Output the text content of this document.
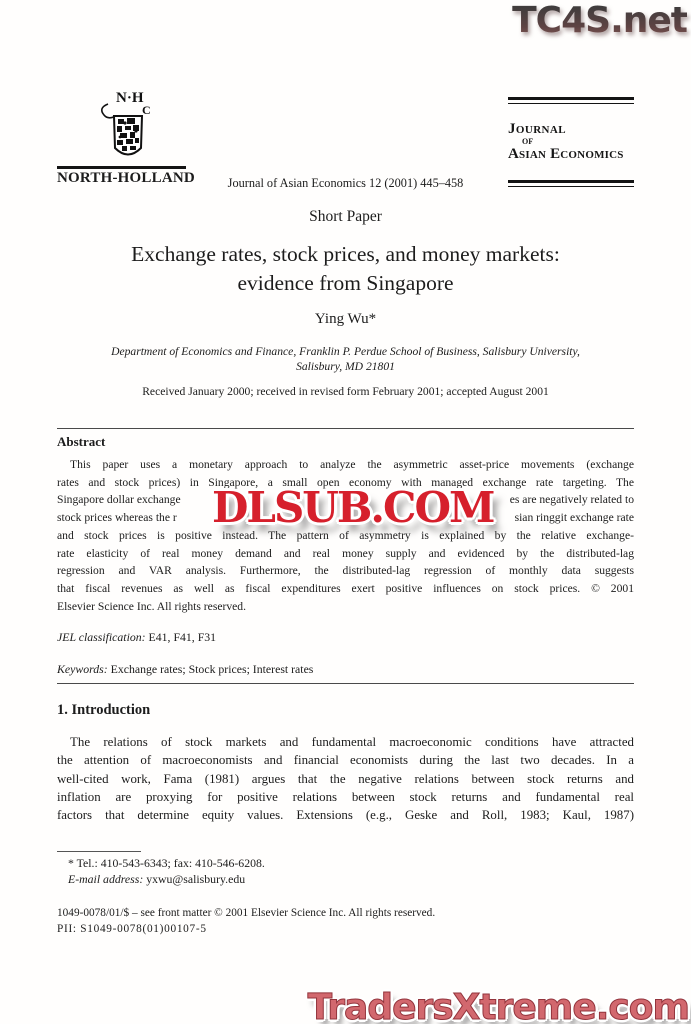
TC4S.net
N·H
C
NORTH-HOLLAND
Journal
of
Asian Economics
Journal of Asian Economics 12 (2001) 445–458
Short Paper
Exchange rates, stock prices, and money markets:
evidence from Singapore
Ying Wu*
Department of Economics and Finance, Franklin P. Perdue School of Business, Salisbury University,
Salisbury, MD 21801
Received January 2000; received in revised form February 2001; accepted August 2001
Abstract
This paper uses a monetary approach to analyze the asymmetric asset-price movements (exchange
rates and stock prices) in Singapore, a small open economy with managed exchange rate targeting. The
Singapore dollar exchange	es are negatively related to
stock prices whereas the r	sian ringgit exchange rate
and stock prices is positive instead. The pattern of asymmetry is explained by the relative exchange-
rate elasticity of real money demand and real money supply and evidenced by the distributed-lag
regression and VAR analysis. Furthermore, the distributed-lag regression of monthly data suggests
that fiscal revenues as well as fiscal expenditures exert positive influences on stock prices. © 2001
Elsevier Science Inc. All rights reserved.
DLSUB.COM
JEL classification: E41, F41, F31
Keywords: Exchange rates; Stock prices; Interest rates
1. Introduction
The relations of stock markets and fundamental macroeconomic conditions have attracted
the attention of macroeconomists and financial economists during the last two decades. In a
well-cited work, Fama (1981) argues that the negative relations between stock returns and
inflation are proxying for positive relations between stock returns and fundamental real
factors that determine equity values. Extensions (e.g., Geske and Roll, 1983; Kaul, 1987)
* Tel.: 410-543-6343; fax: 410-546-6208.
E-mail address: yxwu@salisbury.edu
1049-0078/01/$ – see front matter © 2001 Elsevier Science Inc. All rights reserved.
PII: S1049-0078(01)00107-5
TradersXtreme.com
